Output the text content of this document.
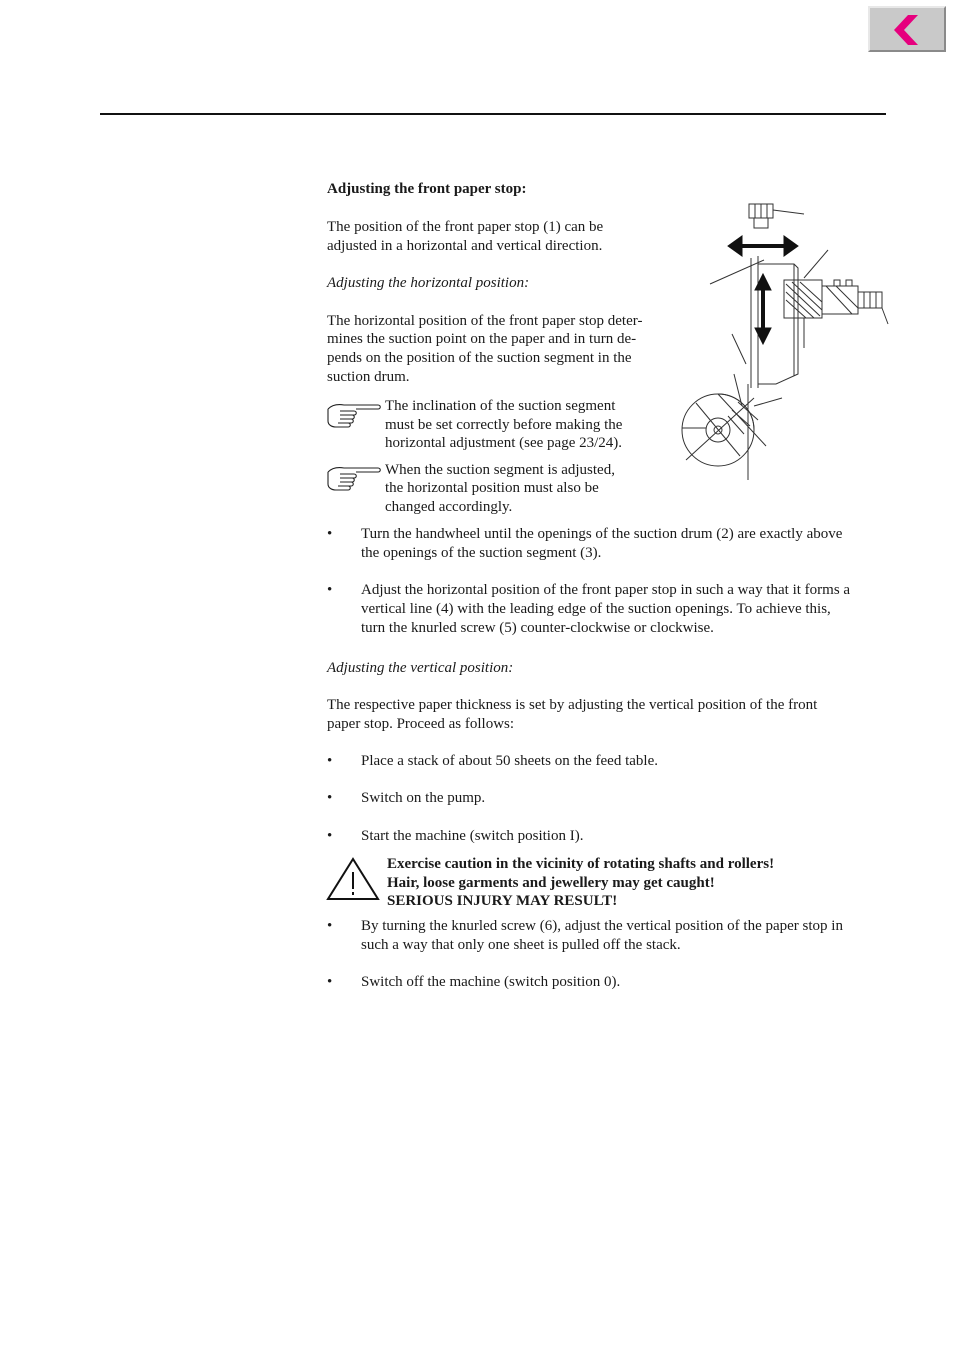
Adjusting the front paper stop:
The position of the front paper stop (1) can be
adjusted in a horizontal and vertical direction.
Adjusting the horizontal position:
The horizontal position of the front paper stop deter-
mines the suction point on the paper and in turn de-
pends on the position of the suction segment in the
suction drum.
The inclination of the suction segment
must be set correctly before making the
horizontal adjustment (see page 23/24).
When the suction segment is adjusted,
the horizontal position must also be
changed accordingly.
• Turn the handwheel until the openings of the suction drum (2) are exactly above
the openings of the suction segment (3).
• Adjust the horizontal position of the front paper stop in such a way that it forms a
vertical line (4) with the leading edge of the suction openings. To achieve this,
turn the knurled screw (5) counter-clockwise or clockwise.
Adjusting the vertical position:
The respective paper thickness is set by adjusting the vertical position of the front
paper stop. Proceed as follows:
• Place a stack of about 50 sheets on the feed table.
• Switch on the pump.
• Start the machine (switch position I).
Exercise caution in the vicinity of rotating shafts and rollers!
Hair, loose garments and jewellery may get caught!
SERIOUS INJURY MAY RESULT!
• By turning the knurled screw (6), adjust the vertical position of the paper stop in
such a way that only one sheet is pulled off the stack.
• Switch off the machine (switch position 0).
